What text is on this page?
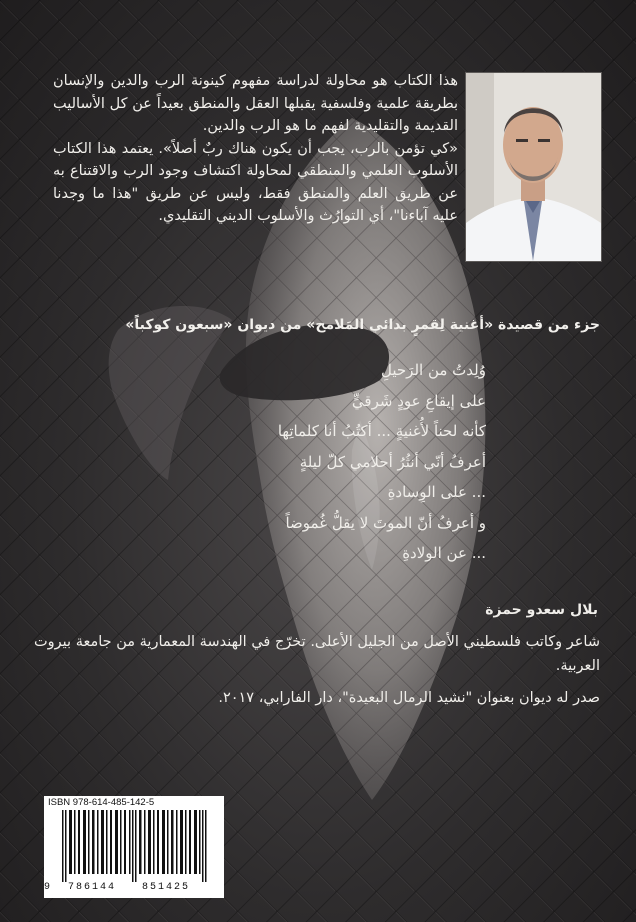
هذا الكتاب هو محاولة لدراسة مفهوم كينونة الرب والدين والإنسان بطريقة علمية وفلسفية يقبلها العقل والمنطق بعيداً عن كل الأساليب القديمة والتقليدية لفهم ما هو الرب والدين.

«كي تؤمن بالرب، يجب أن يكون هناك ربٌ أصلاً». يعتمد هذا الكتاب الأسلوب العلمي والمنطقي لمحاولة اكتشاف وجود الرب والاقتناع به عن طريق العلم والمنطق فقط، وليس عن طريق "هذا ما وجدنا عليه آباءنا"، أي التوارُث والأسلوب الديني التقليدي.

جزء من قصيدة «أغنية لِقمرٍ بدائي المَلامح» من ديوان «سبعون كوكباً»
وُلِدتُ من الرَحيلِ
على إيقاعِ عودٍ شَرقيٍّ
كأنه لحناً لأُغنيةٍ ... أكتُبُ أنا كلماتِها
أعرفُ أنّي أنثُرُ أحلامي كلّ ليلةٍ
... على الوِسادةِ
و أعرفُ أنّ الموتَ لا يقلُّ غُموضاً
... عن الولادةِ
بلال سعدو حمزة

شاعر وكاتب فلسطيني الأصل من الجليل الأعلى. تخرّج في الهندسة المعمارية من جامعة بيروت العربية.

صدر له ديوان بعنوان "نشيد الرمال البعيدة"، دار الفارابي، ٢٠١٧.

ISBN 978-614-485-142-5
9 786144	851425
